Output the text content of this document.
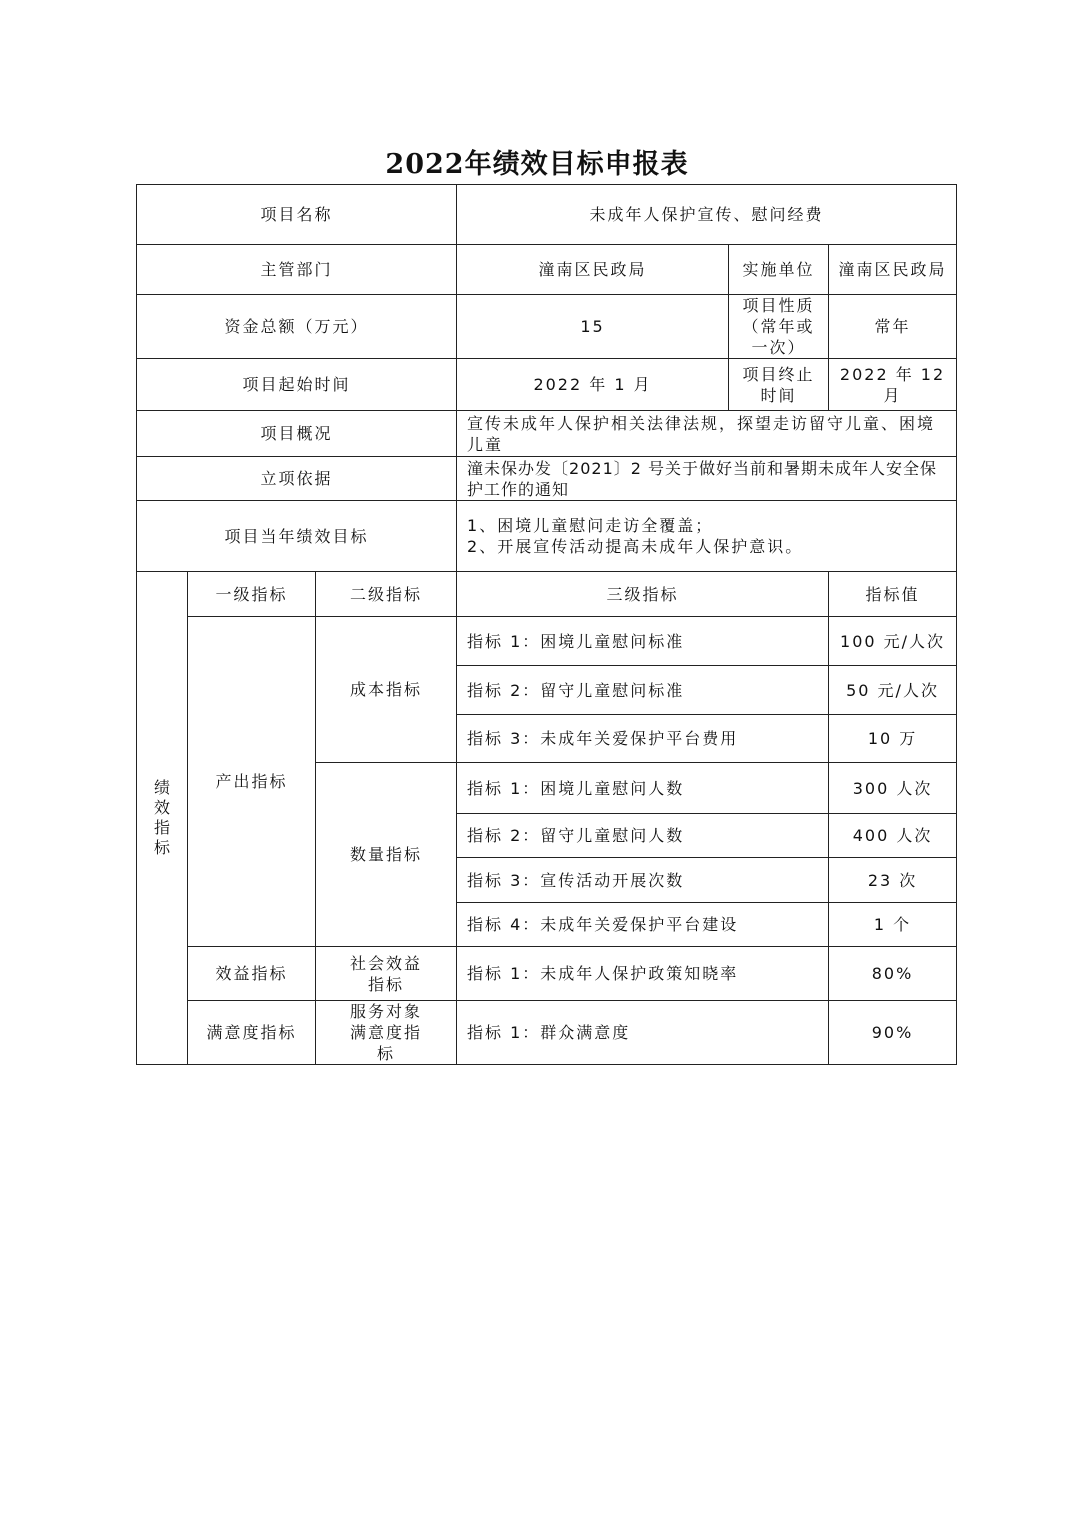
2022年绩效目标申报表
项目名称			未成年人保护宣传、慰问经费		
主管部门			潼南区民政局	实施单位	潼南区民政局
资金总额（万元）			15	项目性质（常年或一次）	常年
项目起始时间			2022 年 1 月	项目终止时间	2022 年 12 月
项目概况			宣传未成年人保护相关法律法规，探望走访留守儿童、困境儿童		
立项依据			潼未保办发〔2021〕2 号关于做好当前和暑期未成年人安全保护工作的通知		
项目当年绩效目标			1、困境儿童慰问走访全覆盖；
2、开展宣传活动提高未成年人保护意识。		

绩效指标	一级指标	二级指标	三级指标		指标值
	产出指标	成本指标	指标 1：困境儿童慰问标准		100 元/人次
			指标 2：留守儿童慰问标准		50 元/人次
			指标 3：未成年关爱保护平台费用		10 万
		数量指标	指标 1：困境儿童慰问人数		300 人次
			指标 2：留守儿童慰问人数		400 人次
			指标 3：宣传活动开展次数		23 次
			指标 4：未成年关爱保护平台建设		1 个
	效益指标	社会效益指标	指标 1：未成年人保护政策知晓率		80%
	满意度指标	服务对象满意度指标	指标 1：群众满意度		90%
